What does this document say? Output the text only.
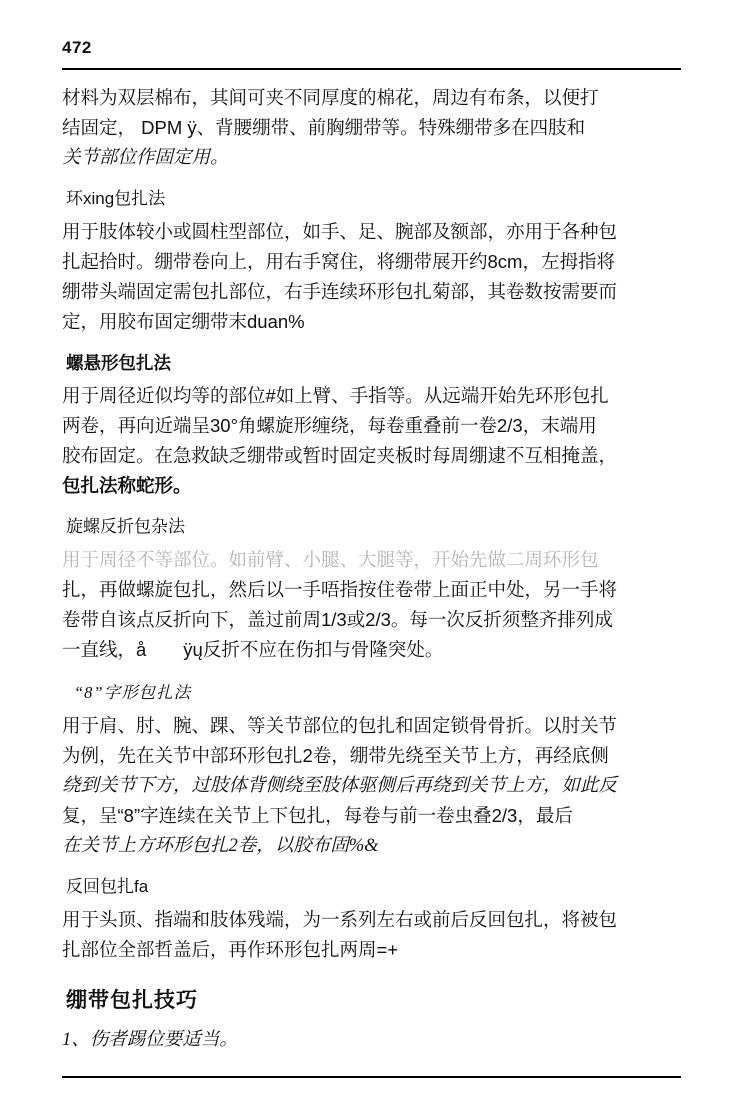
472

材料为双层棉布，其间可夹不同厚度的棉花，周边有布条，以便打

结固定， DPM ÿ、背腰绷带、前胸绷带等。特殊绷带多在四肢和

关节部位作固定用。

环xing包扎法

用于肢体较小或圆柱型部位，如手、足、腕部及额部，亦用于各种包

扎起拾时。绷带卷向上，用右手窝住，将绷带展开约8cm，左拇指将

绷带头端固定需包扎部位，右手连续环形包扎菊部，其卷数按需要而

定，用胶布固定绷带末duan%

螺悬形包扎法

用于周径近似均等的部位#如上臂、手指等。从远端开始先环形包扎

两卷，再向近端呈30°角螺旋形缠绕，每卷重叠前一卷2/3，末端用

胶布固定。在急救缺乏绷带或暂时固定夹板时每周绷逮不互相掩盖，

包扎法称蛇形。

旋螺反折包杂法

用于周径不等部位。如前臂、小腿、大腿等，开始先做二周环形包

扎，再做螺旋包扎，然后以一手唔指按住卷带上面正中处，另一手将

卷带自该点反折向下，盖过前周1/3或2/3。每一次反折须整齐排列成

一直线，å　　ÿų反折不应在伤扣与骨隆突处。

“8”字形包扎法

用于肩、肘、腕、踝、等关节部位的包扎和固定锁骨骨折。以肘关节

为例，先在关节中部环形包扎2卷，绷带先绕至关节上方，再经底侧

绕到关节下方，过肢体背侧绕至肢体驱侧后再绕到关节上方，如此反

复，呈“8”字连续在关节上下包扎，每卷与前一卷虫叠2/3，最后

在关节上方环形包扎2卷，以胶布固%&

反回包扎fa

用于头顶、指端和肢体残端，为一系列左右或前后反回包扎，将被包

扎部位全部哲盖后，再作环形包扎两周=+

绷带包扎技巧

1、伤者踢位要适当。
